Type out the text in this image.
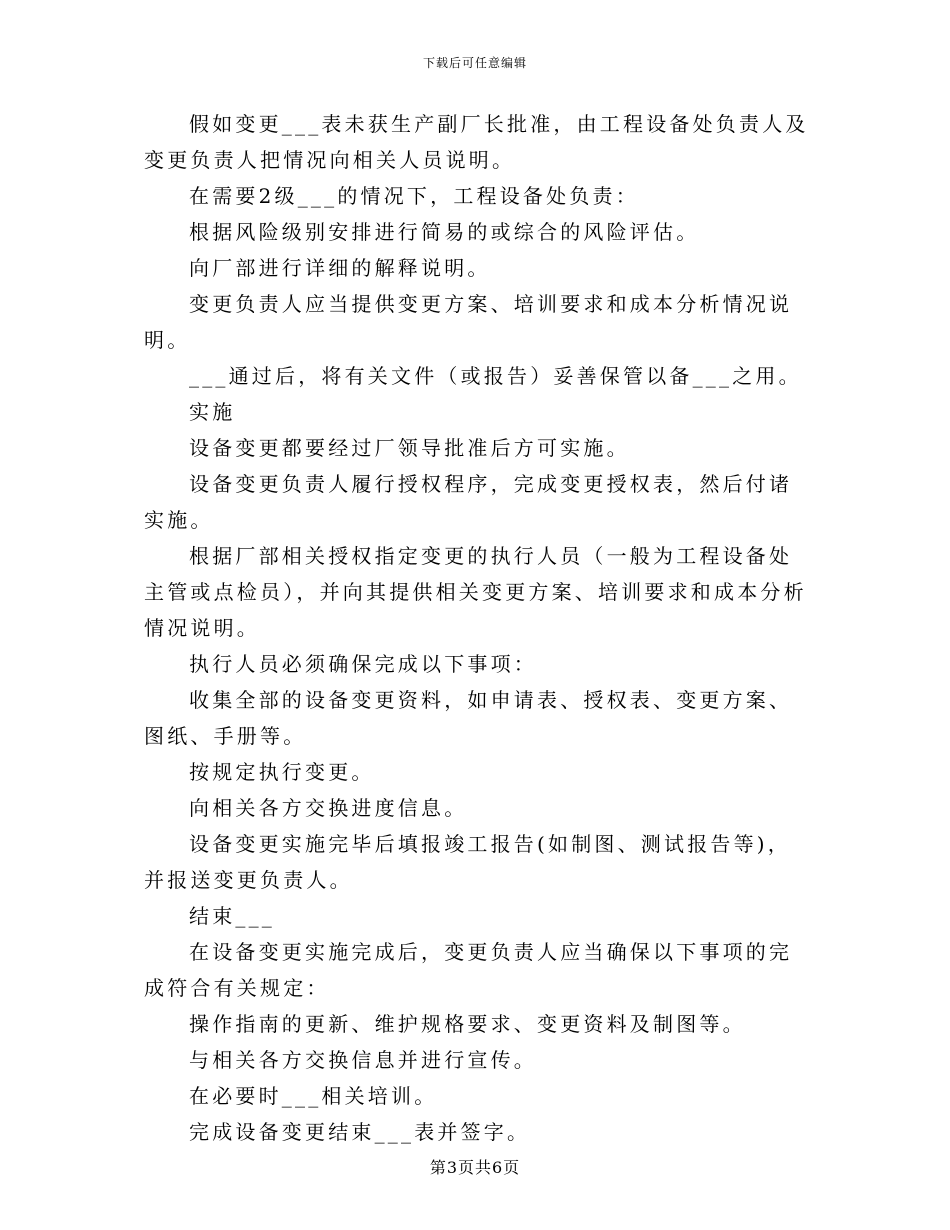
下载后可任意编辑

假如变更___表未获生产副厂长批准，由工程设备处负责人及变更负责人把情况向相关人员说明。

在需要2级___的情况下，工程设备处负责：

根据风险级别安排进行简易的或综合的风险评估。

向厂部进行详细的解释说明。

变更负责人应当提供变更方案、培训要求和成本分析情况说明。

___通过后，将有关文件（或报告）妥善保管以备___之用。

实施

设备变更都要经过厂领导批准后方可实施。

设备变更负责人履行授权程序，完成变更授权表，然后付诸实施。

根据厂部相关授权指定变更的执行人员（一般为工程设备处主管或点检员），并向其提供相关变更方案、培训要求和成本分析情况说明。

执行人员必须确保完成以下事项：

收集全部的设备变更资料，如申请表、授权表、变更方案、图纸、手册等。

按规定执行变更。

向相关各方交换进度信息。

设备变更实施完毕后填报竣工报告(如制图、测试报告等)，并报送变更负责人。

结束___

在设备变更实施完成后，变更负责人应当确保以下事项的完成符合有关规定：

操作指南的更新、维护规格要求、变更资料及制图等。

与相关各方交换信息并进行宣传。

在必要时___相关培训。

完成设备变更结束___表并签字。

第3页共6页
